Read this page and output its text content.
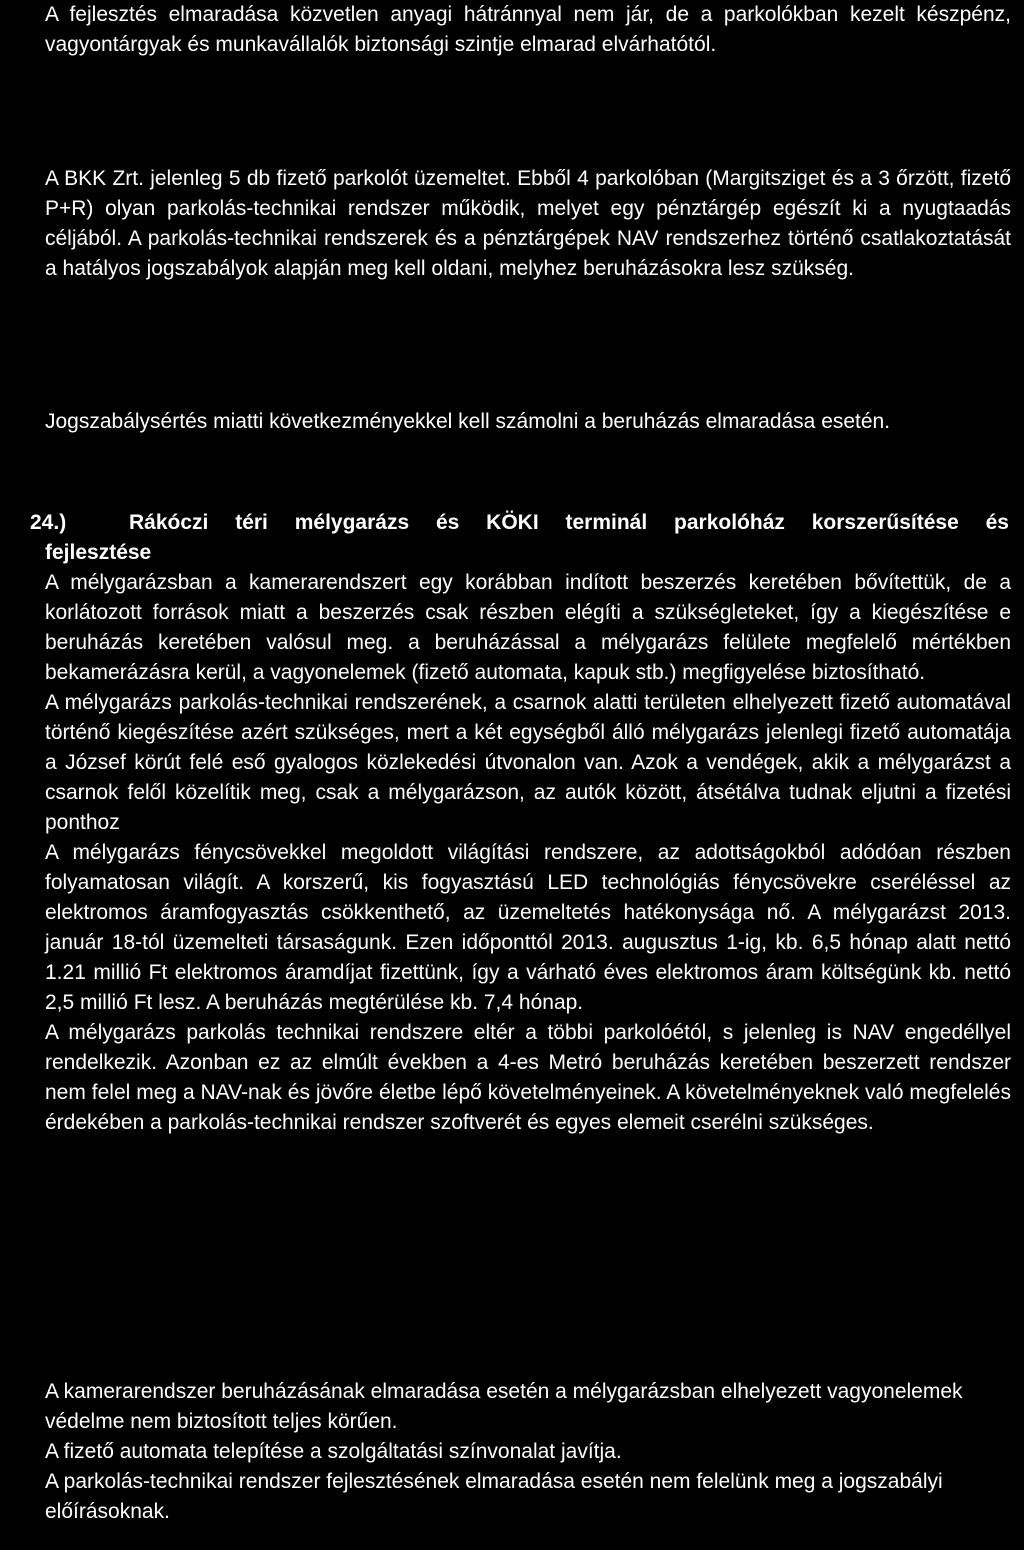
A fejlesztés elmaradása közvetlen anyagi hátránnyal nem jár, de a parkolókban kezelt készpénz, vagyontárgyak és munkavállalók biztonsági szintje elmarad elvárhatótól.

A BKK Zrt. jelenleg 5 db fizető parkolót üzemeltet. Ebből 4 parkolóban (Margitsziget és a 3 őrzött, fizető P+R) olyan parkolás-technikai rendszer működik, melyet egy pénztárgép egészít ki a nyugtaadás céljából. A parkolás-technikai rendszerek és a pénztárgépek NAV rendszerhez történő csatlakoztatását a hatályos jogszabályok alapján meg kell oldani, melyhez beruházásokra lesz szükség.

Jogszabálysértés miatti következményekkel kell számolni a beruházás elmaradása esetén.

24.)	Rákóczi téri mélygarázs és KÖKI terminál parkolóház korszerűsítése és
fejlesztése

A mélygarázsban a kamerarendszert egy korábban indított beszerzés keretében bővítettük, de a korlátozott források miatt a beszerzés csak részben elégíti a szükségleteket, így a kiegészítése e beruházás keretében valósul meg. a beruházással a mélygarázs felülete megfelelő mértékben bekamerázásra kerül, a vagyonelemek (fizető automata, kapuk stb.) megfigyelése biztosítható.

A mélygarázs parkolás-technikai rendszerének, a csarnok alatti területen elhelyezett fizető automatával történő kiegészítése azért szükséges, mert a két egységből álló mélygarázs jelenlegi fizető automatája a József körút felé eső gyalogos közlekedési útvonalon van. Azok a vendégek, akik a mélygarázst a csarnok felől közelítik meg, csak a mélygarázson, az autók között, átsétálva tudnak eljutni a fizetési ponthoz

A mélygarázs fénycsövekkel megoldott világítási rendszere, az adottságokból adódóan részben folyamatosan világít. A korszerű, kis fogyasztású LED technológiás fénycsövekre cseréléssel az elektromos áramfogyasztás csökkenthető, az üzemeltetés hatékonysága nő. A mélygarázst 2013. január 18-tól üzemelteti társaságunk. Ezen időponttól 2013. augusztus 1-ig, kb. 6,5 hónap alatt nettó 1.21 millió Ft elektromos áramdíjat fizettünk, így a várható éves elektromos áram költségünk kb. nettó 2,5 millió Ft lesz. A beruházás megtérülése kb. 7,4 hónap.

A mélygarázs parkolás technikai rendszere eltér a többi parkolóétól, s jelenleg is NAV engedéllyel rendelkezik. Azonban ez az elmúlt években a 4-es Metró beruházás keretében beszerzett rendszer nem felel meg a NAV-nak és jövőre életbe lépő követelményeinek. A követelményeknek való megfelelés érdekében a parkolás-technikai rendszer szoftverét és egyes elemeit cserélni szükséges.

A kamerarendszer beruházásának elmaradása esetén a mélygarázsban elhelyezett vagyonelemek védelme nem biztosított teljes körűen.

A fizető automata telepítése a szolgáltatási színvonalat javítja.

A parkolás-technikai rendszer fejlesztésének elmaradása esetén nem felelünk meg a jogszabályi előírásoknak.
